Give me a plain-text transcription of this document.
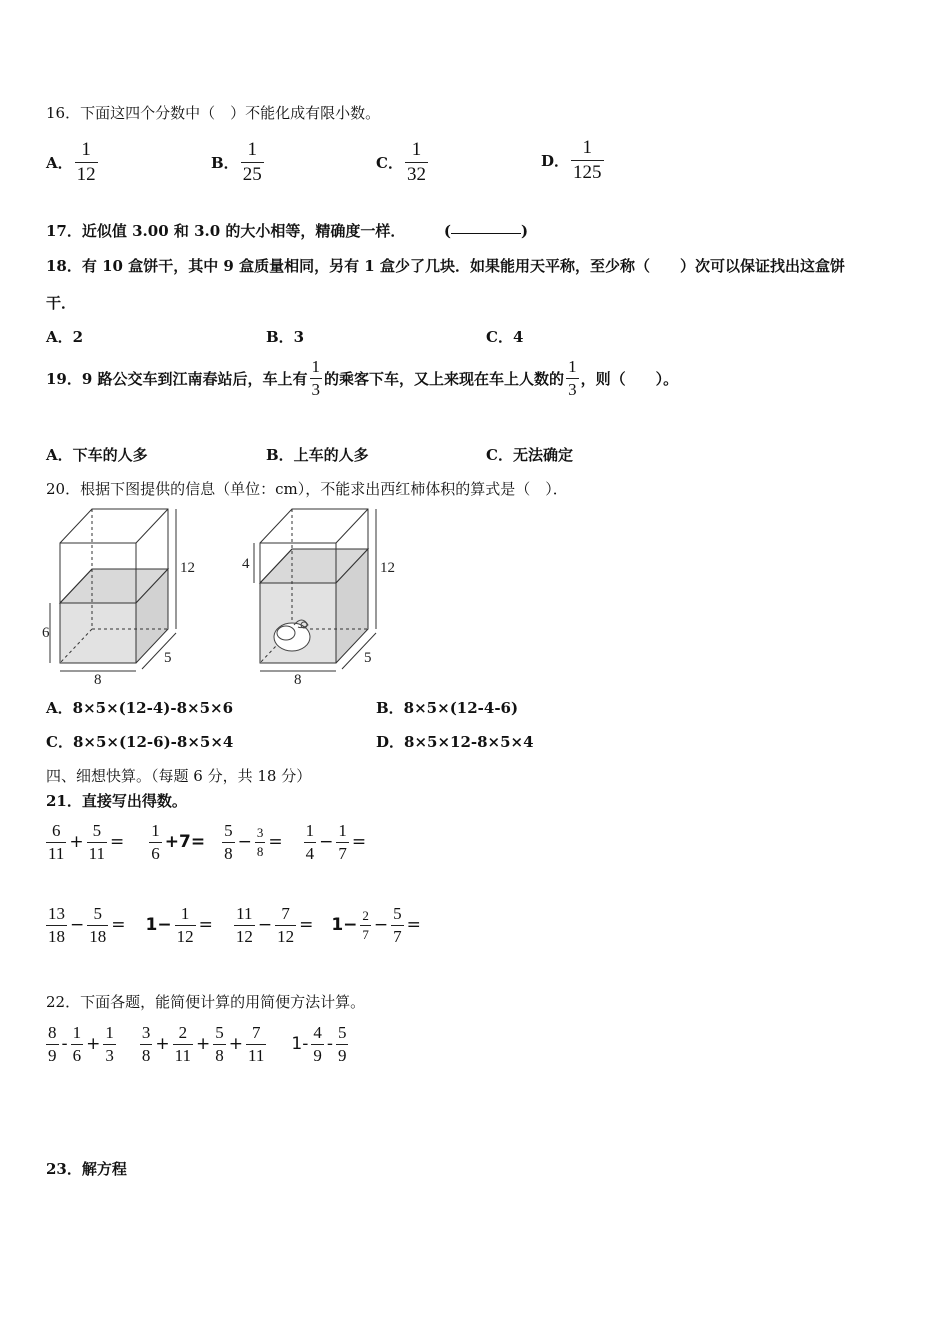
16．下面这四个分数中（　）不能化成有限小数。
A． $\frac{1}{12}$	B． $\frac{1}{25}$	C． $\frac{1}{32}$	D． $\frac{1}{125}$
17．近似值 3.00 和 3.0 的大小相等，精确度一样．	(	)
18．有 10 盒饼干，其中 9 盒质量相同，另有 1 盒少了几块．如果能用天平称，至少称（　　）次可以保证找出这盒饼
干．
A．2	B．3	C．4
19．9 路公交车到江南春站后，车上有 $\frac{1}{3}$ 的乘客下车，又上来现在车上人数的 $\frac{1}{3}$ ，则（　　）。
A．下车的人多	B．上车的人多	C．无法确定
20．根据下图提供的信息（单位：cm），不能求出西红柿体积的算式是（　）．
12
6
8
5
12
4
8
5
A．8×5×(12-4)-8×5×6	B．8×5×(12-4-6)
C．8×5×(12-6)-8×5×4	D．8×5×12-8×5×4
四、细想快算。（每题 6 分，共 18 分）
21．直接写出得数。
$\frac{6}{11} + \frac{5}{11} = \frac{1}{6} +7= \frac{5}{8} - \frac{3}{8} = \frac{1}{4} - \frac{1}{7}$ =
$\frac{13}{18} - \frac{5}{18} = 1- \frac{1}{12} = \frac{11}{12} - \frac{7}{12} = 1- \frac{2}{7} - \frac{5}{7}$ =
22．下面各题，能简便计算的用简便方法计算。
$\frac{8}{9} - \frac{1}{6} + \frac{1}{3} \frac{3}{8} + \frac{2}{11} + \frac{5}{8} + \frac{7}{11} 1- \frac{4}{9} - \frac{5}{9}$
23．解方程
